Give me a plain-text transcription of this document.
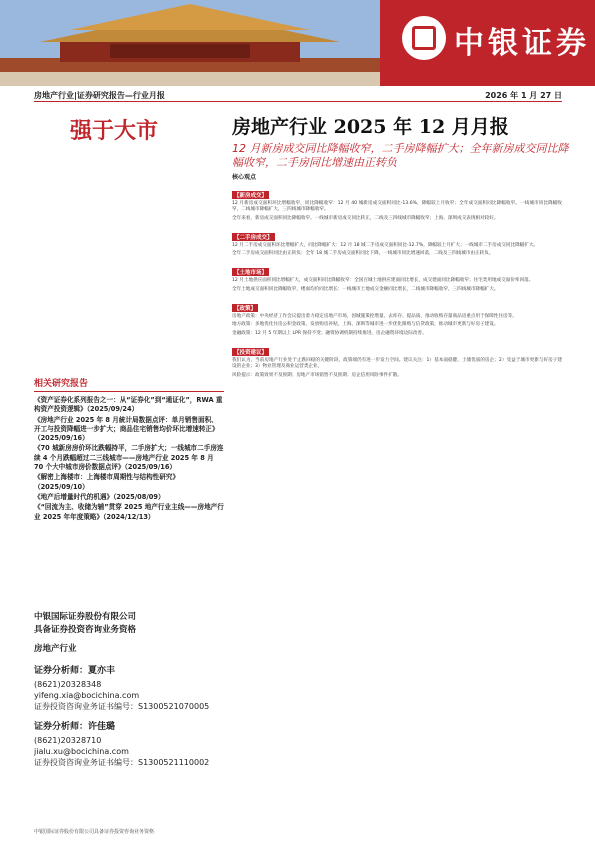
中银证券
房地产行业|证券研究报告—行业月报	2026 年 1 月 27 日
强于大市	房地产行业 2025 年 12 月月报
12 月新房成交同比降幅收窄，二手房降幅扩大；全年新房成交同比降幅收窄，二手房同比增速由正转负
相关研究报告
《资产证券化系列报告之一：从“证券化”到“通证化”，RWA 重构资产投资逻辑》（2025/09/24）
《房地产行业 2025 年 8 月統计局数据点评：单月销售面积、开工与投资降幅进一步扩大；商品住宅销售均价环比增速转正》（2025/09/16）
《70 城新房房价环比跌幅持平，二手房扩大；一线城市二手房连续 4 个月跌幅超过二三线城市——房地产行业 2025 年 8 月 70 个大中城市房价数据点评》（2025/09/16）
《解密上海楼市：上海楼市周期性与结构性研究》（2025/09/10）
《地产后增量时代的机遇》（2025/08/09）
《“回流为主、收储为辅”贯穿 2025 地产行业主线——房地产行业 2025 年年度策略》（2024/12/13）
中银国际证券股份有限公司
具备证券投资咨询业务资格
房地产行业
证券分析师：夏亦丰
(8621)20328348
yifeng.xia@bocichina.com
证券投资咨询业务证书编号：S1300521070005
证券分析师：许佳璐
(8621)20328710
jialu.xu@bocichina.com
证券投资咨询业务证书编号：S1300521110002
核心观点
【新房成交】
12 月新房成交面积环比增幅收窄，同比降幅收窄：12 月 40 城新房成交面积同比-13.6%，降幅较上月收窄；全年成交面积同比降幅收窄。一线城市同比降幅收窄，二线城市降幅扩大，三四线城市降幅收窄。
全年来看，新房成交面积同比降幅收窄。一线城市新房成交同比转正，二线及三四线城市降幅收窄；上海、深圳成交表现相对较好。
【二手房成交】
12 月二手房成交面积环比增幅扩大，同比降幅扩大：12 月 18 城二手房成交面积同比-12.7%，降幅较上月扩大；一线城市二手房成交同比降幅扩大。
全年二手房成交面积同比由正转负：全年 18 城二手房成交面积同比下降，一线城市同比增速回落，二线及三四线城市由正转负。
【土地市场】
12 月土地供应面积同比增幅扩大，成交面积同比降幅收窄：全国百城土地供应建面同比增长，成交建面同比降幅收窄；住宅类用地成交溢价率回落。
全年土地成交面积同比降幅收窄，楼面均价同比增长：一线城市土地成交金额同比增长，二线城市降幅收窄，三四线城市降幅扩大。
【政策】
房地产政策：中央经济工作会议提出着力稳定房地产市场，因城施策控增量、去库存、提品质，推动收购存量商品房重点用于保障性住房等。
地方政策：多地优化住房公积金政策、发放购房补贴，上海、深圳等城市进一步优化限购与信贷政策，推动城市更新与好房子建设。
金融政策：12 月 5 年期以上 LPR 保持不变；融资协调机制持续推进，房企融资环境边际改善。
【投资建议】
我们认为，当前房地产行业处于止跌回稳的关键阶段，政策端仍有进一步发力空间。建议关注：1）基本面稳健、土储优质的房企；2）受益于城市更新与好房子建设的企业；3）物业管理及商业运营类企业。
风险提示：政策效果不及预期；房地产市场销售不及预期；房企信用风险事件扩散。
中银国际证券股份有限公司具备证券投资咨询业务资格
